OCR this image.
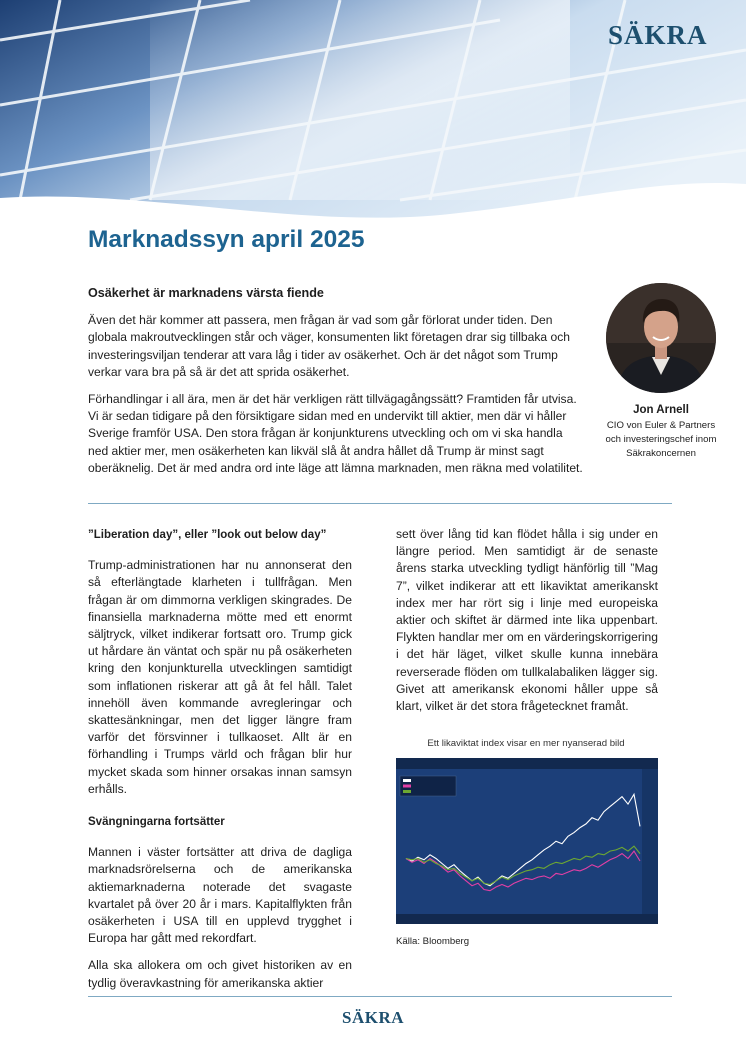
SÄKRA
Marknadssyn april 2025
Osäkerhet är marknadens värsta fiende

Även det här kommer att passera, men frågan är vad som går förlorat under tiden. Den globala makroutvecklingen står och väger, konsumenten likt företagen drar sig tillbaka och investeringsviljan tenderar att vara låg i tider av osäkerhet. Och är det något som Trump verkar vara bra på så är det att sprida osäkerhet.

Förhandlingar i all ära, men är det här verkligen rätt tillvägagångssätt? Framtiden får utvisa. Vi är sedan tidigare på den försiktigare sidan med en undervikt till aktier, men där vi håller Sverige framför USA. Den stora frågan är konjunkturens utveckling och om vi ska handla ned aktier mer, men osäkerheten kan likväl slå åt andra hållet då Trump är minst sagt oberäknelig. Det är med andra ord inte läge att lämna marknaden, men räkna med volatilitet.

Jon Arnell
CIO von Euler & Partners
och investeringschef inom
Säkrakoncernen
”Liberation day”, eller ”look out below day”

Trump-administrationen har nu annonserat den så efterlängtade klarheten i tullfrågan. Men frågan är om dimmorna verkligen skingrades. De finansiella marknaderna mötte med ett enormt säljtryck, vilket indikerar fortsatt oro. Trump gick ut hårdare än väntat och spär nu på osäkerheten kring den konjunkturella utvecklingen samtidigt som inflationen riskerar att gå åt fel håll. Talet innehöll även kommande avregleringar och skattesänkningar, men det ligger längre fram varför det försvinner i tullkaoset. Allt är en förhandling i Trumps värld och frågan blir hur mycket skada som hinner orsakas innan samsyn erhålls.

Svängningarna fortsätter

Mannen i väster fortsätter att driva de dagliga marknadsrörelserna och de amerikanska aktiemarknaderna noterade det svagaste kvartalet på över 20 år i mars. Kapitalflykten från osäkerheten i USA till en upplevd trygghet i Europa har gått med rekordfart.

Alla ska allokera om och givet historiken av en tydlig överavkastning för amerikanska aktier

sett över lång tid kan flödet hålla i sig under en längre period. Men samtidigt är de senaste årens starka utveckling tydligt hänförlig till ”Mag 7”, vilket indikerar att ett likaviktat amerikanskt index mer har rört sig i linje med europeiska aktier och skiftet är därmed inte lika uppenbart. Flykten handlar mer om en värderingskorrigering i det här läget, vilket skulle kunna innebära reverserade flöden om tullkalabaliken lägger sig. Givet att amerikansk ekonomi håller uppe så klart, vilket är det stora frågetecknet framåt.

Ett likaviktat index visar en mer nyanserad bild
Källa: Bloomberg
SÄKRA
